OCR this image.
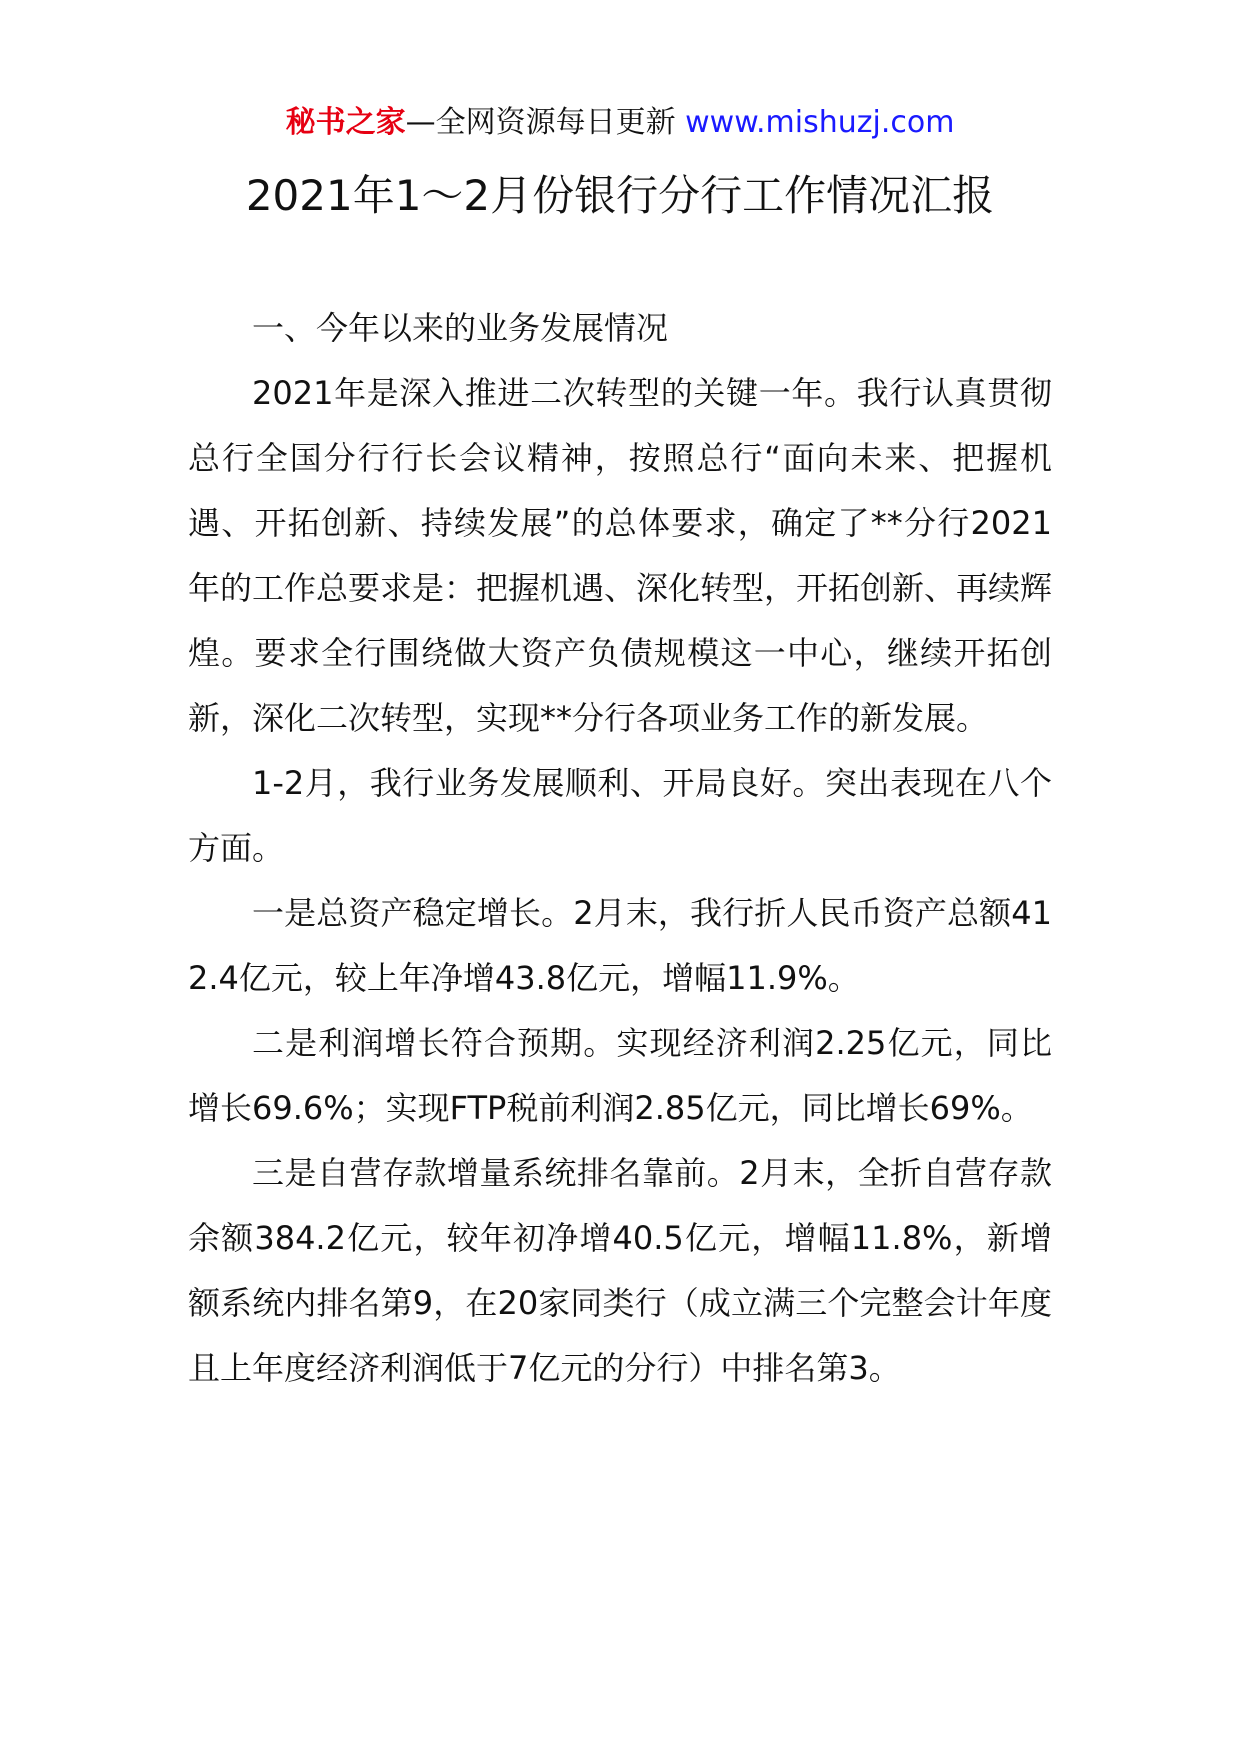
秘书之家—全网资源每日更新 www.mishuzj.com
2021年1～2月份银行分行工作情况汇报

一、今年以来的业务发展情况

2021年是深入推进二次转型的关键一年。我行认真贯彻总行全国分行行长会议精神，按照总行“面向未来、把握机遇、开拓创新、持续发展”的总体要求，确定了**分行2021年的工作总要求是：把握机遇、深化转型，开拓创新、再续辉煌。要求全行围绕做大资产负债规模这一中心，继续开拓创新，深化二次转型，实现**分行各项业务工作的新发展。

1-2月，我行业务发展顺利、开局良好。突出表现在八个方面。

一是总资产稳定增长。2月末，我行折人民币资产总额412.4亿元，较上年净增43.8亿元，增幅11.9%。

二是利润增长符合预期。实现经济利润2.25亿元，同比增长69.6%；实现FTP税前利润2.85亿元，同比增长69%。

三是自营存款增量系统排名靠前。2月末，全折自营存款余额384.2亿元，较年初净增40.5亿元，增幅11.8%，新增额系统内排名第9，在20家同类行（成立满三个完整会计年度且上年度经济利润低于7亿元的分行）中排名第3。
